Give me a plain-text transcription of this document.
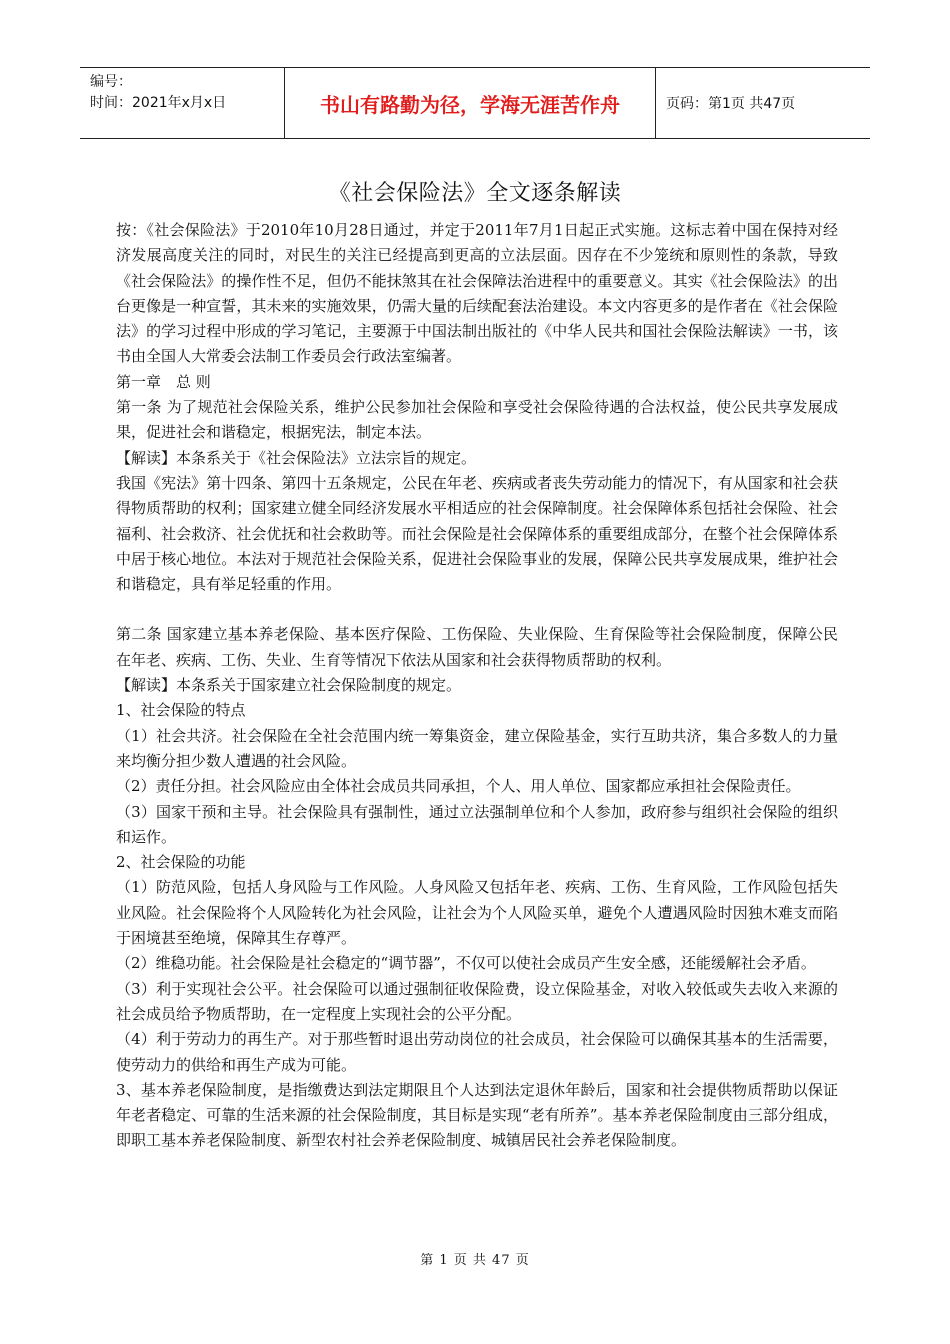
编号：
时间：2021年x月x日	书山有路勤为径，学海无涯苦作舟	页码：第1页 共47页
《社会保险法》全文逐条解读

按：《社会保险法》于2010年10月28日通过，并定于2011年7月1日起正式实施。这标志着中国在保持对经济发展高度关注的同时，对民生的关注已经提高到更高的立法层面。因存在不少笼统和原则性的条款，导致《社会保险法》的操作性不足，但仍不能抹煞其在社会保障法治进程中的重要意义。其实《社会保险法》的出台更像是一种宣誓，其未来的实施效果，仍需大量的后续配套法治建设。本文内容更多的是作者在《社会保险法》的学习过程中形成的学习笔记，主要源于中国法制出版社的《中华人民共和国社会保险法解读》一书，该书由全国人大常委会法制工作委员会行政法室编著。

第一章　总 则

第一条 为了规范社会保险关系，维护公民参加社会保险和享受社会保险待遇的合法权益，使公民共享发展成果，促进社会和谐稳定，根据宪法，制定本法。

【解读】本条系关于《社会保险法》立法宗旨的规定。

我国《宪法》第十四条、第四十五条规定，公民在年老、疾病或者丧失劳动能力的情况下，有从国家和社会获得物质帮助的权利；国家建立健全同经济发展水平相适应的社会保障制度。社会保障体系包括社会保险、社会福利、社会救济、社会优抚和社会救助等。而社会保险是社会保障体系的重要组成部分，在整个社会保障体系中居于核心地位。本法对于规范社会保险关系，促进社会保险事业的发展，保障公民共享发展成果，维护社会和谐稳定，具有举足轻重的作用。

第二条 国家建立基本养老保险、基本医疗保险、工伤保险、失业保险、生育保险等社会保险制度，保障公民在年老、疾病、工伤、失业、生育等情况下依法从国家和社会获得物质帮助的权利。

【解读】本条系关于国家建立社会保险制度的规定。

1、社会保险的特点

（1）社会共济。社会保险在全社会范围内统一筹集资金，建立保险基金，实行互助共济，集合多数人的力量来均衡分担少数人遭遇的社会风险。

（2）责任分担。社会风险应由全体社会成员共同承担，个人、用人单位、国家都应承担社会保险责任。

（3）国家干预和主导。社会保险具有强制性，通过立法强制单位和个人参加，政府参与组织社会保险的组织和运作。

2、社会保险的功能

（1）防范风险，包括人身风险与工作风险。人身风险又包括年老、疾病、工伤、生育风险，工作风险包括失业风险。社会保险将个人风险转化为社会风险，让社会为个人风险买单，避免个人遭遇风险时因独木难支而陷于困境甚至绝境，保障其生存尊严。

（2）维稳功能。社会保险是社会稳定的“调节器”，不仅可以使社会成员产生安全感，还能缓解社会矛盾。

（3）利于实现社会公平。社会保险可以通过强制征收保险费，设立保险基金，对收入较低或失去收入来源的社会成员给予物质帮助，在一定程度上实现社会的公平分配。

（4）利于劳动力的再生产。对于那些暂时退出劳动岗位的社会成员，社会保险可以确保其基本的生活需要，使劳动力的供给和再生产成为可能。

3、基本养老保险制度，是指缴费达到法定期限且个人达到法定退休年龄后，国家和社会提供物质帮助以保证年老者稳定、可靠的生活来源的社会保险制度，其目标是实现“老有所养”。基本养老保险制度由三部分组成，即职工基本养老保险制度、新型农村社会养老保险制度、城镇居民社会养老保险制度。

第 1 页 共 47 页
